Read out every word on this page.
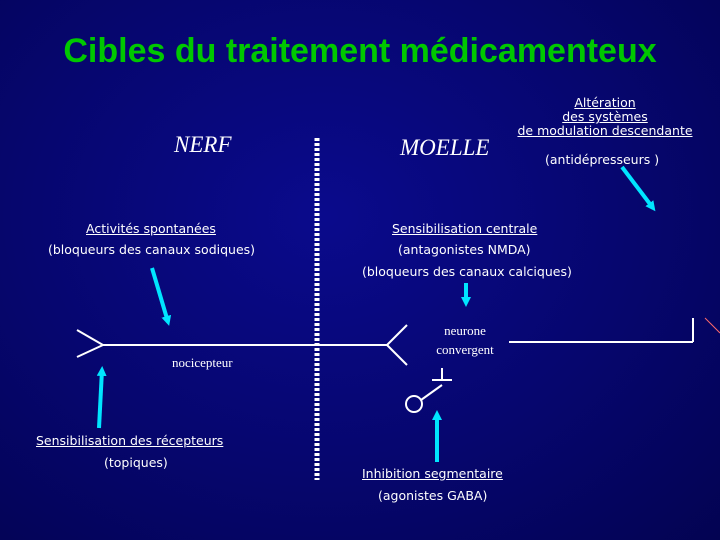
Cibles du traitement médicamenteux
NERF	MOELLE
Altération
des systèmes
de modulation descendante
(antidépresseurs )
Activités spontanées
(bloqueurs des canaux sodiques)
nocicepteur
Sensibilisation des récepteurs
(topiques)
Sensibilisation centrale
(antagonistes NMDA)
(bloqueurs des canaux calciques)
neurone
convergent
Inhibition segmentaire
(agonistes GABA)
